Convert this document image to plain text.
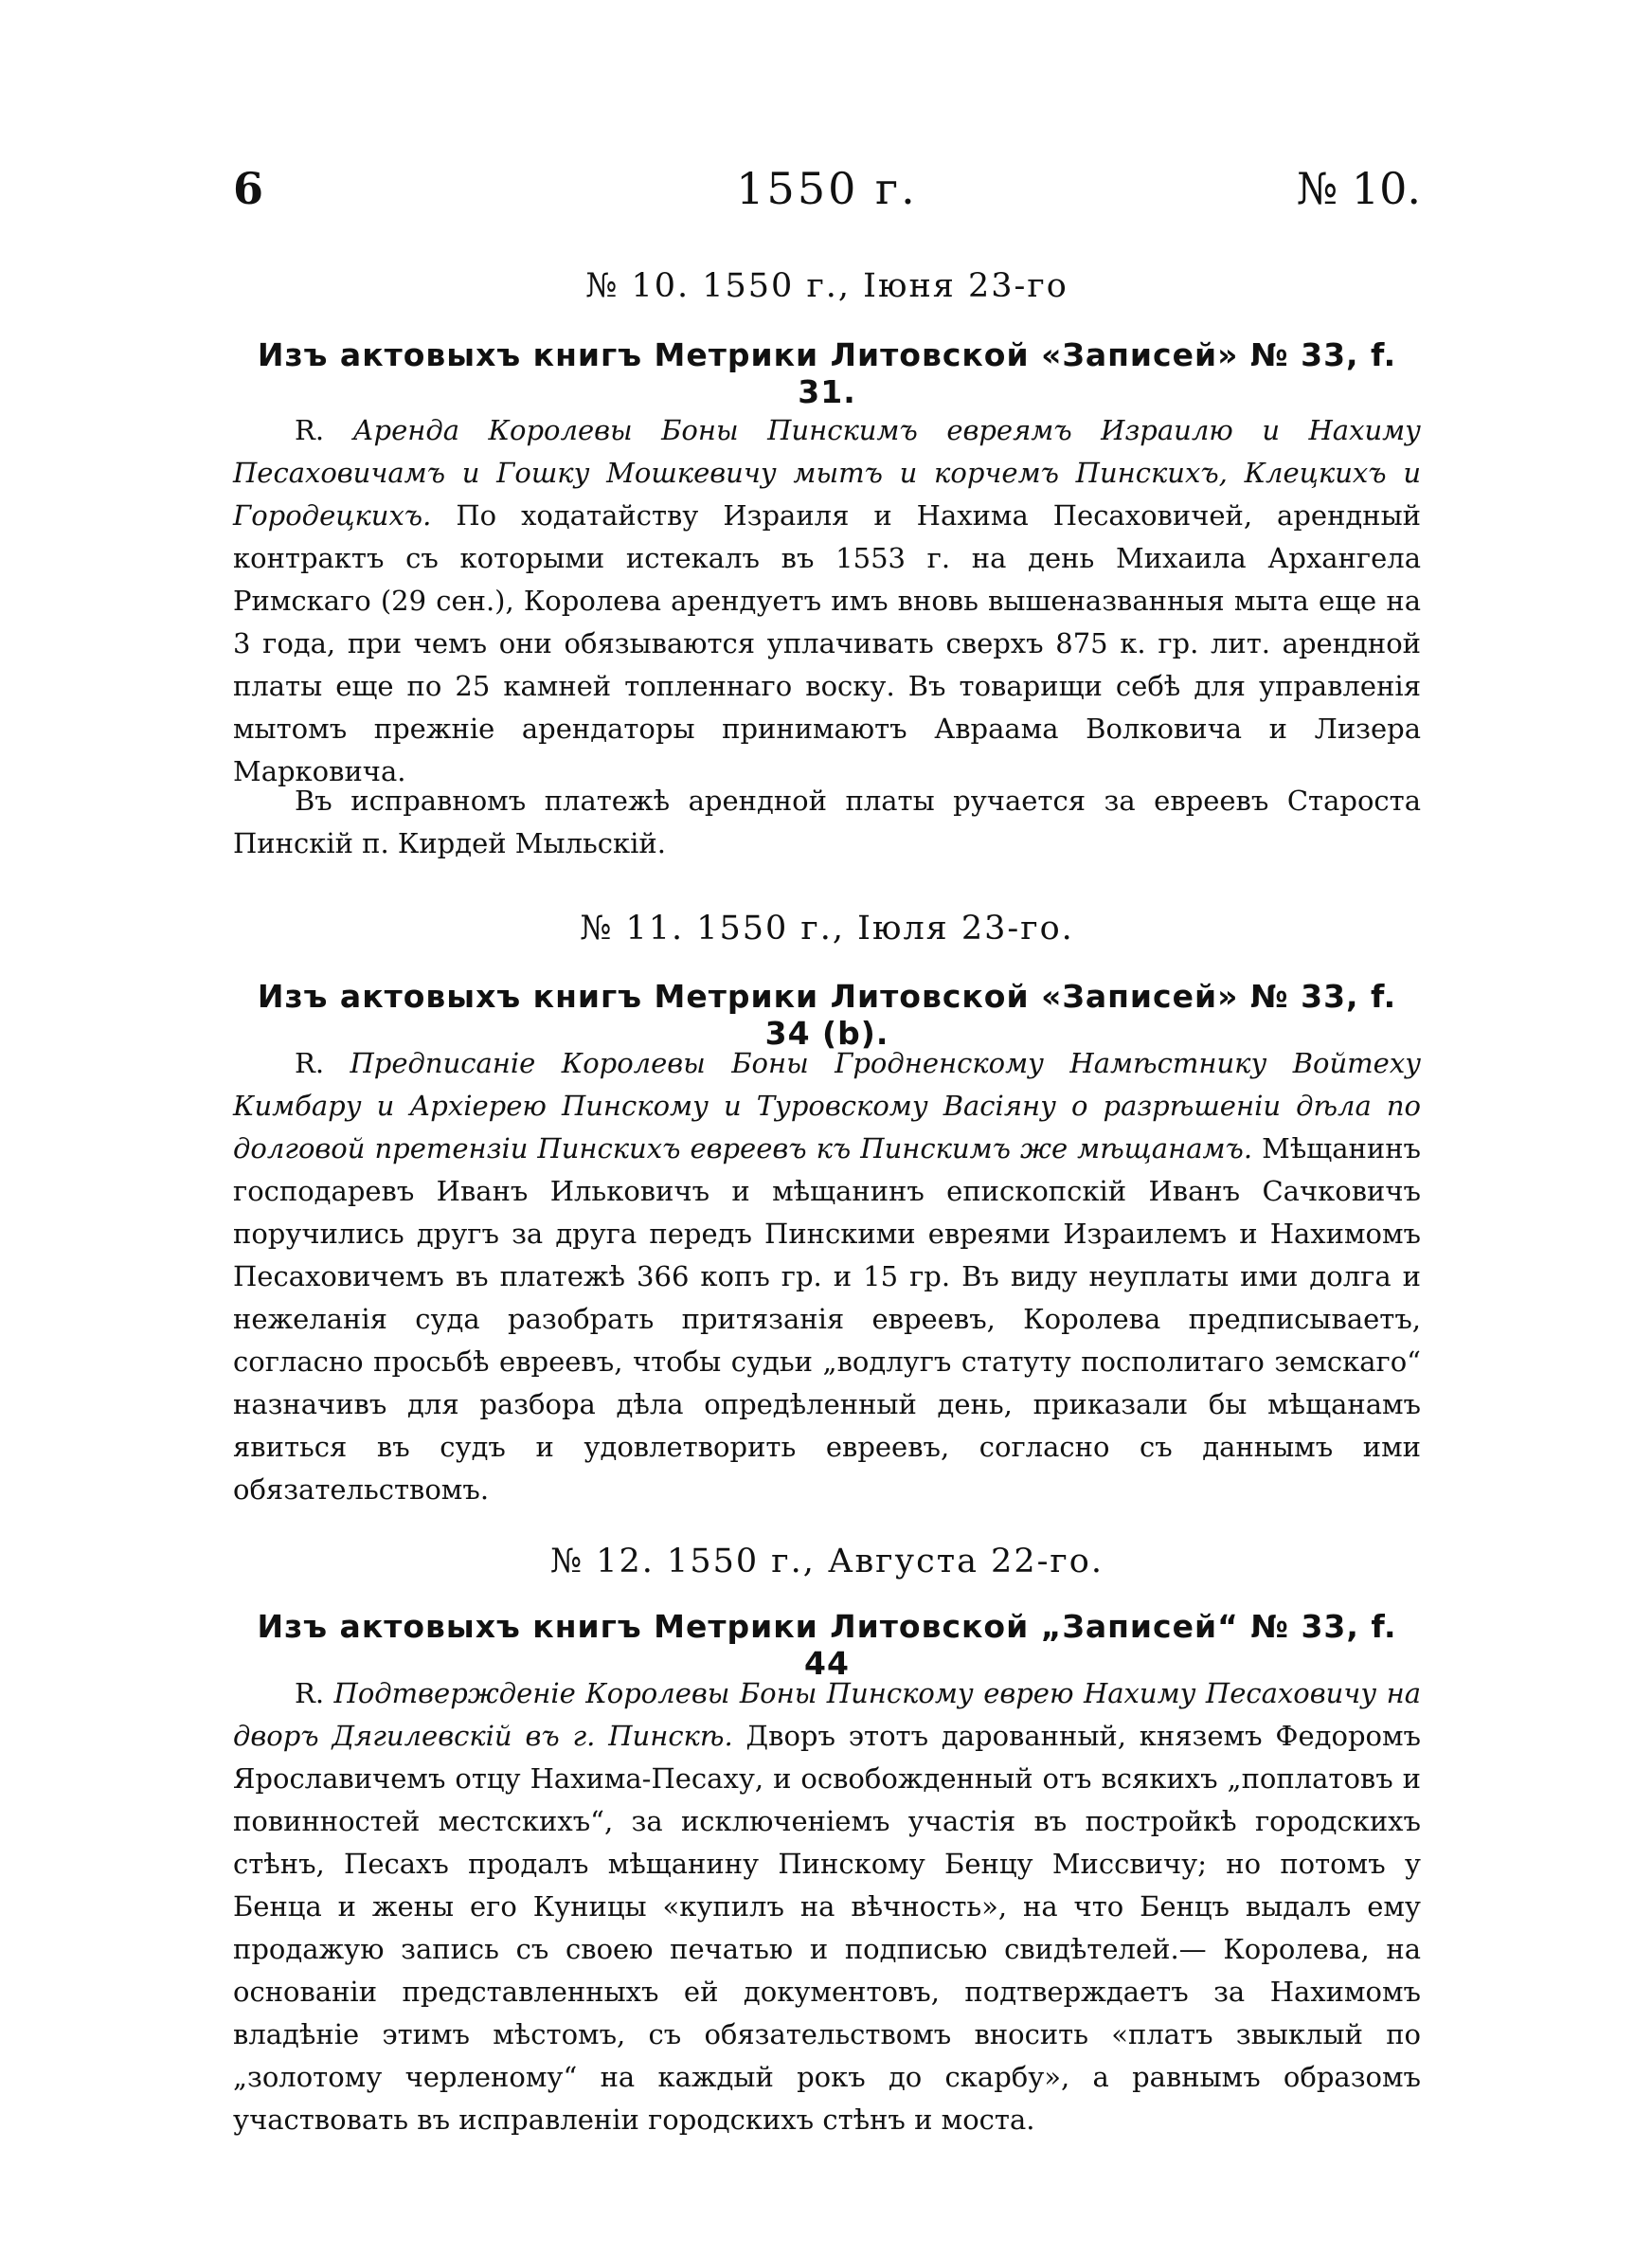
6	1550 г.	№ 10.
№ 10. 1550 г., Іюня 23-го
Изъ актовыхъ книгъ Метрики Литовской «Записей» № 33, f. 31.

R. Аренда Королевы Боны Пинскимъ евреямъ Израилю и Нахиму Песаховичамъ и Гошку Мошкевичу мытъ и корчемъ Пинскихъ, Клецкихъ и Городецкихъ. По ходатайству Израиля и Нахима Песаховичей, арендный контрактъ съ которыми истекалъ въ 1553 г. на день Михаила Архангела Римскаго (29 сен.), Королева арендуетъ имъ вновь вышеназванныя мыта еще на 3 года, при чемъ они обязываются уплачивать сверхъ 875 к. гр. лит. арендной платы еще по 25 камней топленнаго воску. Въ товарищи себѣ для управленія мытомъ прежніе арендаторы принимаютъ Авраама Волковича и Лизера Марковича.

Въ исправномъ платежѣ арендной платы ручается за евреевъ Староста Пинскій п. Кирдей Мыльскій.

№ 11. 1550 г., Іюля 23-го.
Изъ актовыхъ книгъ Метрики Литовской «Записей» № 33, f. 34 (b).

R. Предписаніе Королевы Боны Гродненскому Намѣстнику Войтеху Кимбару и Архіерею Пинскому и Туровскому Васіяну о разрѣшеніи дѣла по долговой претензіи Пинскихъ евреевъ къ Пинскимъ же мѣщанамъ. Мѣщанинъ господаревъ Иванъ Ильковичъ и мѣщанинъ епископскій Иванъ Сачковичъ поручились другъ за друга передъ Пинскими евреями Израилемъ и Нахимомъ Песаховичемъ въ платежѣ 366 копъ гр. и 15 гр. Въ виду неуплаты ими долга и нежеланія суда разобрать притязанія евреевъ, Королева предписываетъ, согласно просьбѣ евреевъ, чтобы судьи „водлугъ статуту посполитаго земскаго“ назначивъ для разбора дѣла опредѣленный день, приказали бы мѣщанамъ явиться въ судъ и удовлетворить евреевъ, согласно съ даннымъ ими обязательствомъ.

№ 12. 1550 г., Августа 22-го.
Изъ актовыхъ книгъ Метрики Литовской „Записей“ № 33, f. 44

R. Подтвержденіе Королевы Боны Пинскому еврею Нахиму Песаховичу на дворъ Дягилевскій въ г. Пинскѣ. Дворъ этотъ дарованный, княземъ Федоромъ Ярославичемъ отцу Нахима-Песаху, и освобожденный отъ всякихъ „поплатовъ и повинностей местскихъ“, за исключеніемъ участія въ постройкѣ городскихъ стѣнъ, Песахъ продалъ мѣщанину Пинскому Бенцу Миссвичу; но потомъ у Бенца и жены его Куницы «купилъ на вѣчность», на что Бенцъ выдалъ ему продажую запись съ своею печатью и подписью свидѣтелей.— Королева, на основаніи представленныхъ ей документовъ, подтверждаетъ за Нахимомъ владѣніе этимъ мѣстомъ, съ обязательствомъ вносить «платъ звыклый по „золотому черленому“ на каждый рокъ до скарбу», а равнымъ образомъ участвовать въ исправленіи городскихъ стѣнъ и моста.
